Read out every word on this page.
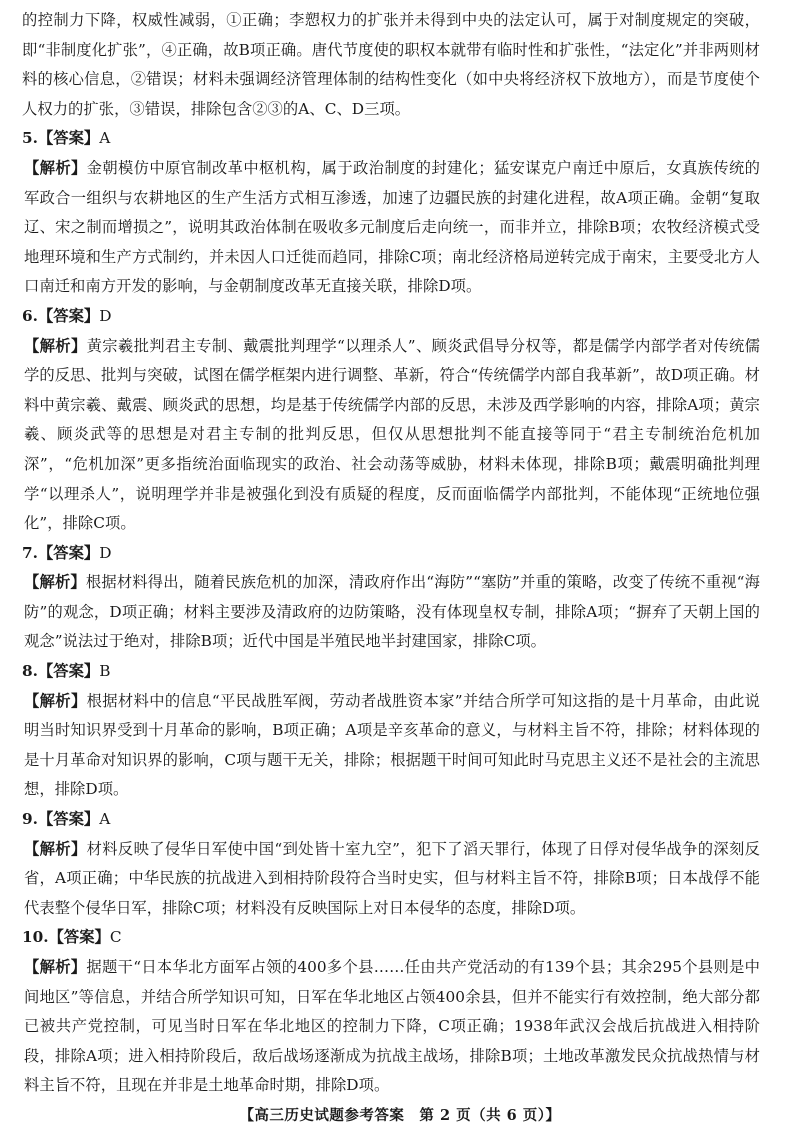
的控制力下降，权威性减弱，①正确；李愬权力的扩张并未得到中央的法定认可，属于对制度规定的突破，即“非制度化扩张”，④正确，故B项正确。唐代节度使的职权本就带有临时性和扩张性，“法定化”并非两则材料的核心信息，②错误；材料未强调经济管理体制的结构性变化（如中央将经济权下放地方），而是节度使个人权力的扩张，③错误，排除包含②③的A、C、D三项。

5.【答案】A

【解析】金朝模仿中原官制改革中枢机构，属于政治制度的封建化；猛安谋克户南迁中原后，女真族传统的军政合一组织与农耕地区的生产生活方式相互渗透，加速了边疆民族的封建化进程，故A项正确。金朝“复取辽、宋之制而增损之”，说明其政治体制在吸收多元制度后走向统一，而非并立，排除B项；农牧经济模式受地理环境和生产方式制约，并未因人口迁徙而趋同，排除C项；南北经济格局逆转完成于南宋，主要受北方人口南迁和南方开发的影响，与金朝制度改革无直接关联，排除D项。

6.【答案】D

【解析】黄宗羲批判君主专制、戴震批判理学“以理杀人”、顾炎武倡导分权等，都是儒学内部学者对传统儒学的反思、批判与突破，试图在儒学框架内进行调整、革新，符合“传统儒学内部自我革新”，故D项正确。材料中黄宗羲、戴震、顾炎武的思想，均是基于传统儒学内部的反思，未涉及西学影响的内容，排除A项；黄宗羲、顾炎武等的思想是对君主专制的批判反思，但仅从思想批判不能直接等同于“君主专制统治危机加深”，“危机加深”更多指统治面临现实的政治、社会动荡等威胁，材料未体现，排除B项；戴震明确批判理学“以理杀人”，说明理学并非是被强化到没有质疑的程度，反而面临儒学内部批判，不能体现“正统地位强化”，排除C项。

7.【答案】D

【解析】根据材料得出，随着民族危机的加深，清政府作出“海防”“塞防”并重的策略，改变了传统不重视“海防”的观念，D项正确；材料主要涉及清政府的边防策略，没有体现皇权专制，排除A项；“摒弃了天朝上国的观念”说法过于绝对，排除B项；近代中国是半殖民地半封建国家，排除C项。

8.【答案】B

【解析】根据材料中的信息“平民战胜军阀，劳动者战胜资本家”并结合所学可知这指的是十月革命，由此说明当时知识界受到十月革命的影响，B项正确；A项是辛亥革命的意义，与材料主旨不符，排除；材料体现的是十月革命对知识界的影响，C项与题干无关，排除；根据题干时间可知此时马克思主义还不是社会的主流思想，排除D项。

9.【答案】A

【解析】材料反映了侵华日军使中国“到处皆十室九空”，犯下了滔天罪行，体现了日俘对侵华战争的深刻反省，A项正确；中华民族的抗战进入到相持阶段符合当时史实，但与材料主旨不符，排除B项；日本战俘不能代表整个侵华日军，排除C项；材料没有反映国际上对日本侵华的态度，排除D项。

10.【答案】C

【解析】据题干“日本华北方面军占领的400多个县……任由共产党活动的有139个县；其余295个县则是中间地区”等信息，并结合所学知识可知，日军在华北地区占领400余县，但并不能实行有效控制，绝大部分都已被共产党控制，可见当时日军在华北地区的控制力下降，C项正确；1938年武汉会战后抗战进入相持阶段，排除A项；进入相持阶段后，敌后战场逐渐成为抗战主战场，排除B项；土地改革激发民众抗战热情与材料主旨不符，且现在并非是土地革命时期，排除D项。

【高三历史试题参考答案　第 2 页（共 6 页）】
